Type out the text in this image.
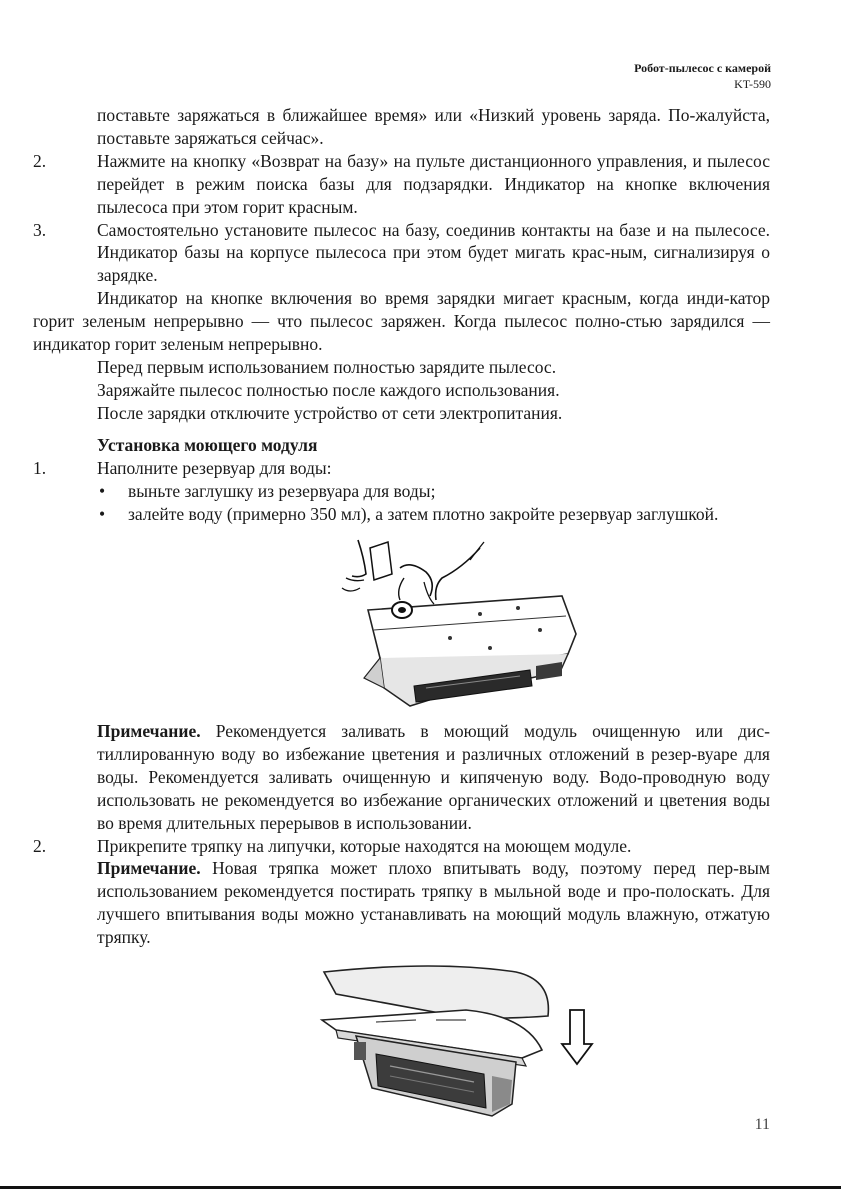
Робот-пылесос с камерой
KT-590
поставьте заряжаться в ближайшее время» или «Низкий уровень заряда. По-жалуйста, поставьте заряжаться сейчас».
2.	Нажмите на кнопку «Возврат на базу» на пульте дистанционного управления, и пылесос перейдет в режим поиска базы для подзарядки. Индикатор на кнопке включения пылесоса при этом горит красным.
3.	Самостоятельно установите пылесос на базу, соединив контакты на базе и на пылесосе. Индикатор базы на корпусе пылесоса при этом будет мигать крас-ным, сигнализируя о зарядке.
Индикатор на кнопке включения во время зарядки мигает красным, когда инди-катор горит зеленым непрерывно — что пылесос заряжен. Когда пылесос полно-стью зарядился — индикатор горит зеленым непрерывно.
Перед первым использованием полностью зарядите пылесос.
Заряжайте пылесос полностью после каждого использования.
После зарядки отключите устройство от сети электропитания.
Установка моющего модуля
1.	Наполните резервуар для воды:
•	выньте заглушку из резервуара для воды;
•	залейте воду (примерно 350 мл), а затем плотно закройте резервуар заглушкой.
Примечание. Рекомендуется заливать в моющий модуль очищенную или дис-тиллированную воду во избежание цветения и различных отложений в резер-вуаре для воды. Рекомендуется заливать очищенную и кипяченую воду. Водо-проводную воду использовать не рекомендуется во избежание органических отложений и цветения воды во время длительных перерывов в использовании.
2.	Прикрепите тряпку на липучки, которые находятся на моющем модуле.
Примечание. Новая тряпка может плохо впитывать воду, поэтому перед пер-вым использованием рекомендуется постирать тряпку в мыльной воде и про-полоскать. Для лучшего впитывания воды можно устанавливать на моющий модуль влажную, отжатую тряпку.
11
